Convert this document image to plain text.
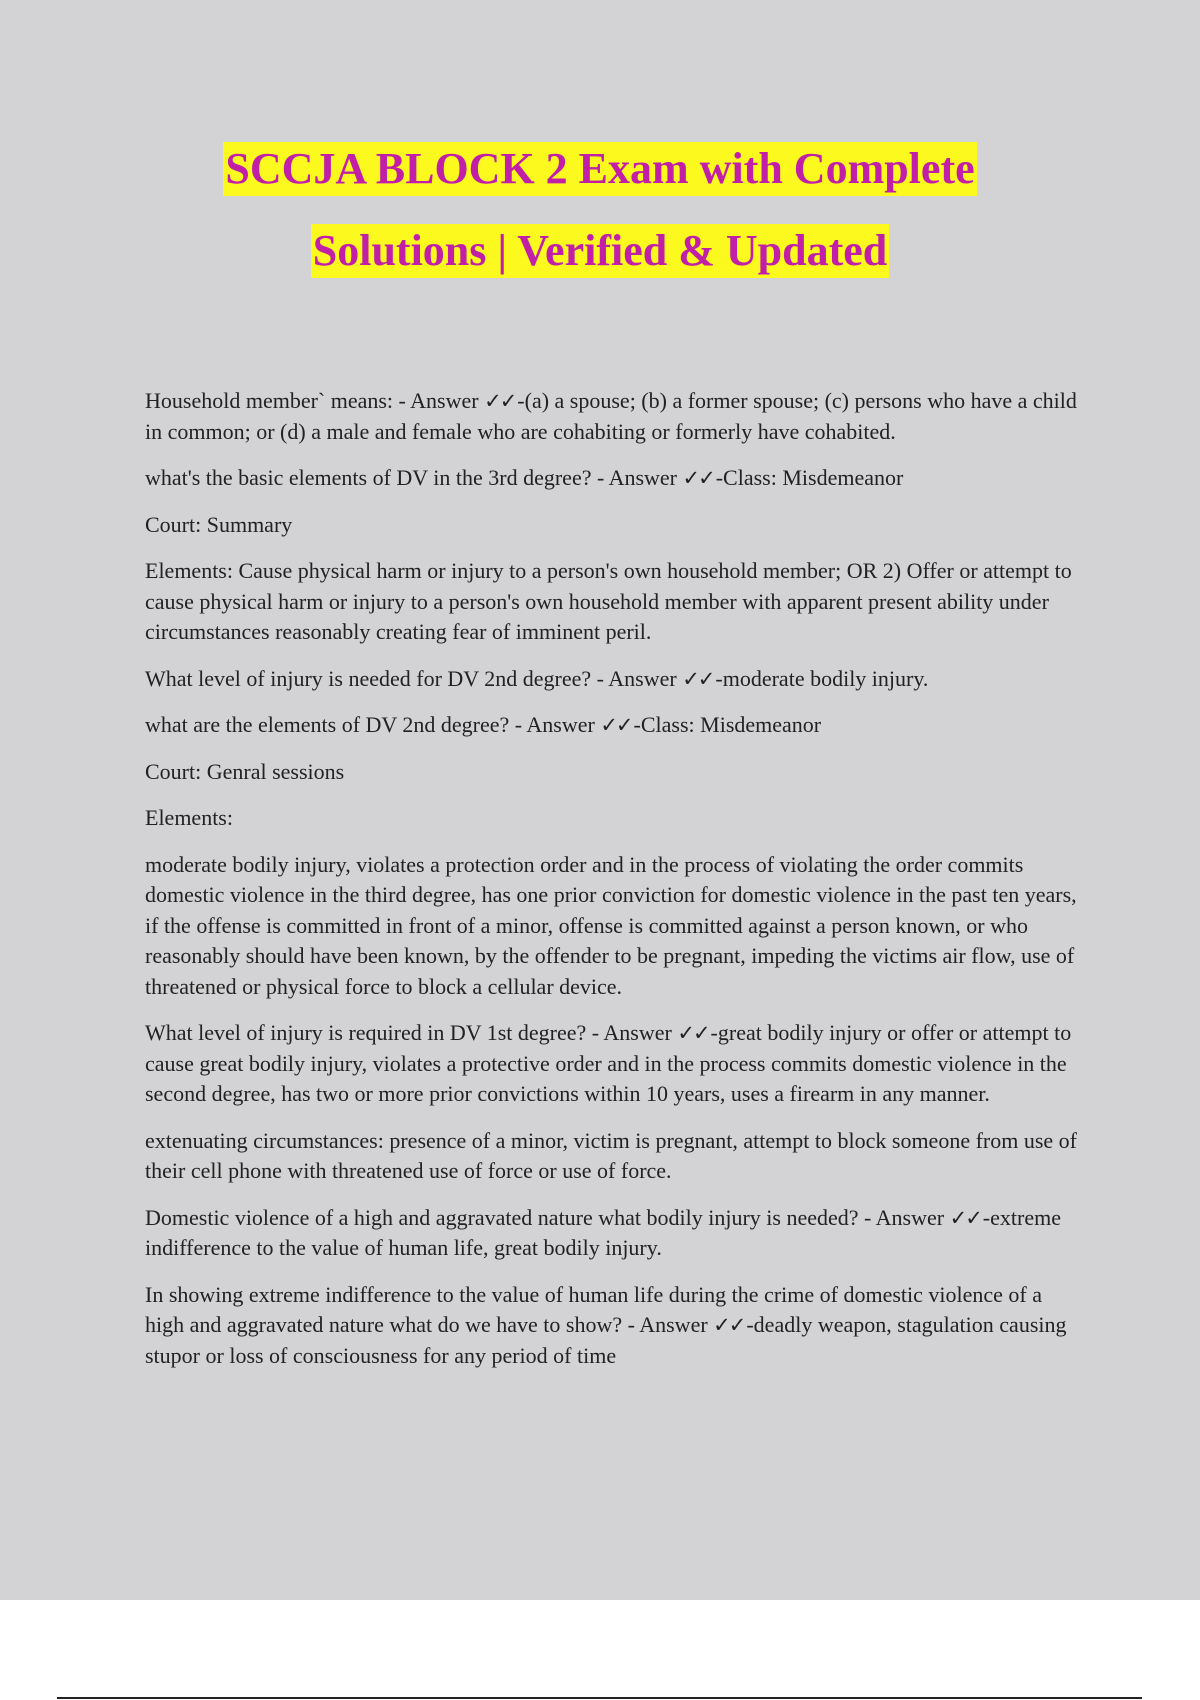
SCCJA BLOCK 2 Exam with Complete
Solutions | Verified & Updated

Household member` means: - Answer ✓✓-(a) a spouse; (b) a former spouse; (c) persons who have a child in common; or (d) a male and female who are cohabiting or formerly have cohabited.

what's the basic elements of DV in the 3rd degree? - Answer ✓✓-Class: Misdemeanor

Court: Summary

Elements: Cause physical harm or injury to a person's own household member; OR 2) Offer or attempt to cause physical harm or injury to a person's own household member with apparent present ability under circumstances reasonably creating fear of imminent peril.

What level of injury is needed for DV 2nd degree? - Answer ✓✓-moderate bodily injury.

what are the elements of DV 2nd degree? - Answer ✓✓-Class: Misdemeanor

Court: Genral sessions

Elements:

moderate bodily injury, violates a protection order and in the process of violating the order commits domestic violence in the third degree, has one prior conviction for domestic violence in the past ten years, if the offense is committed in front of a minor, offense is committed against a person known, or who reasonably should have been known, by the offender to be pregnant, impeding the victims air flow, use of threatened or physical force to block a cellular device.

What level of injury is required in DV 1st degree? - Answer ✓✓-great bodily injury or offer or attempt to cause great bodily injury, violates a protective order and in the process commits domestic violence in the second degree, has two or more prior convictions within 10 years, uses a firearm in any manner.

extenuating circumstances: presence of a minor, victim is pregnant, attempt to block someone from use of their cell phone with threatened use of force or use of force.

Domestic violence of a high and aggravated nature what bodily injury is needed? - Answer ✓✓-extreme indifference to the value of human life, great bodily injury.

In showing extreme indifference to the value of human life during the crime of domestic violence of a high and aggravated nature what do we have to show? - Answer ✓✓-deadly weapon, stagulation causing stupor or loss of consciousness for any period of time
